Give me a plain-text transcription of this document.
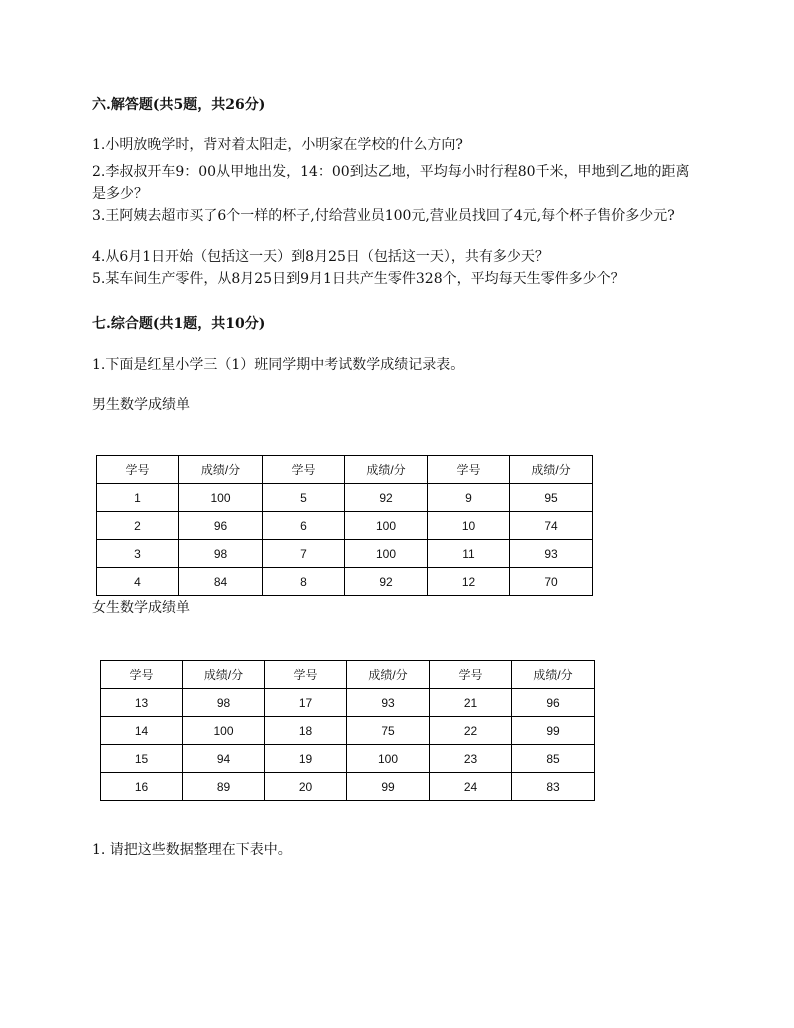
六.解答题(共5题，共26分)
1.小明放晚学时，背对着太阳走，小明家在学校的什么方向?
2.李叔叔开车9：00从甲地出发，14：00到达乙地，平均每小时行程80千米，甲地到乙地的距离是多少？
3.王阿姨去超市买了6个一样的杯子,付给营业员100元,营业员找回了4元,每个杯子售价多少元?
4.从6月1日开始（包括这一天）到8月25日（包括这一天），共有多少天？
5.某车间生产零件，从8月25日到9月1日共产生零件328个，平均每天生零件多少个？
七.综合题(共1题，共10分)
1.下面是红星小学三（1）班同学期中考试数学成绩记录表。
男生数学成绩单
学号	成绩/分	学号	成绩/分	学号	成绩/分
1	100	5	92	9	95
2	96	6	100	10	74
3	98	7	100	11	93
4	84	8	92	12	70
女生数学成绩单
学号	成绩/分	学号	成绩/分	学号	成绩/分
13	98	17	93	21	96
14	100	18	75	22	99
15	94	19	100	23	85
16	89	20	99	24	83
1. 请把这些数据整理在下表中。
